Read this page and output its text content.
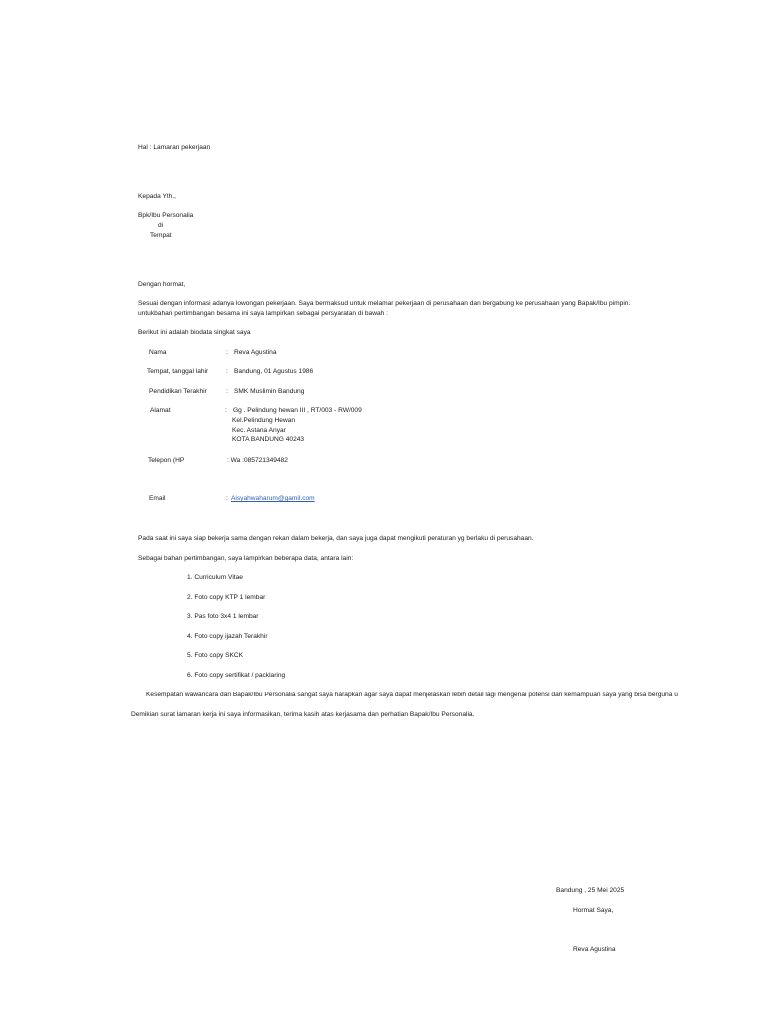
Hal : Lamaran pekerjaan
Kepada Yth.,
Bpk/Ibu Personalia
di
Tempat
Dengan hormat,
Sesuai dengan informasi adanya lowongan pekerjaan. Saya bermaksud untuk melamar pekerjaan di perusahaan dan bergabung ke perusahaan yang Bapak/Ibu pimpin.
untukbahan pertimbangan besama ini saya lampirkan sebagai persyaratan di bawah :
Berikut ini adalah biodata singkat saya
Nama	: Reva Agustina
Tempat, tanggal lahir	: Bandung, 01 Agustus 1986
Pendidikan Terakhir	: SMK Muslimin Bandung
Alamat	: Gg . Pelindung hewan III , RT/003 - RW/009
Kel.Pelindung Hewan
Kec. Astana Anyar
KOTA BANDUNG 40243
Telepon (HP	: Wa :085721349482
Email	: Aisyahwaharum@gamil.com
Pada saat ini saya siap bekerja sama dengan rekan dalam bekerja, dan saya juga dapat mengikuti peraturan yg berlaku di perusahaan.
Sebagai bahan pertimbangan, saya lampirkan beberapa data, antara lain:
1. Curriculum Vitae
2. Foto copy KTP 1 lembar
3. Pas foto 3x4 1 lembar
4. Foto copy ijazah Terakhir
5. Foto copy SKCK
6. Foto copy sertifikat / packlaring
Kesempatan wawancara dari Bapak/Ibu Personalia sangat saya harapkan agar saya dapat menjelaskan lebih detail lagi mengenai potensi dan kemampuan saya yang bisa berguna u
Demikian surat lamaran kerja ini saya informasikan, terima kasih atas kerjasama dan perhatian Bapak/Ibu Personalia.
Bandung , 25 Mei 2025
Hormat Saya,
Reva Agustina
